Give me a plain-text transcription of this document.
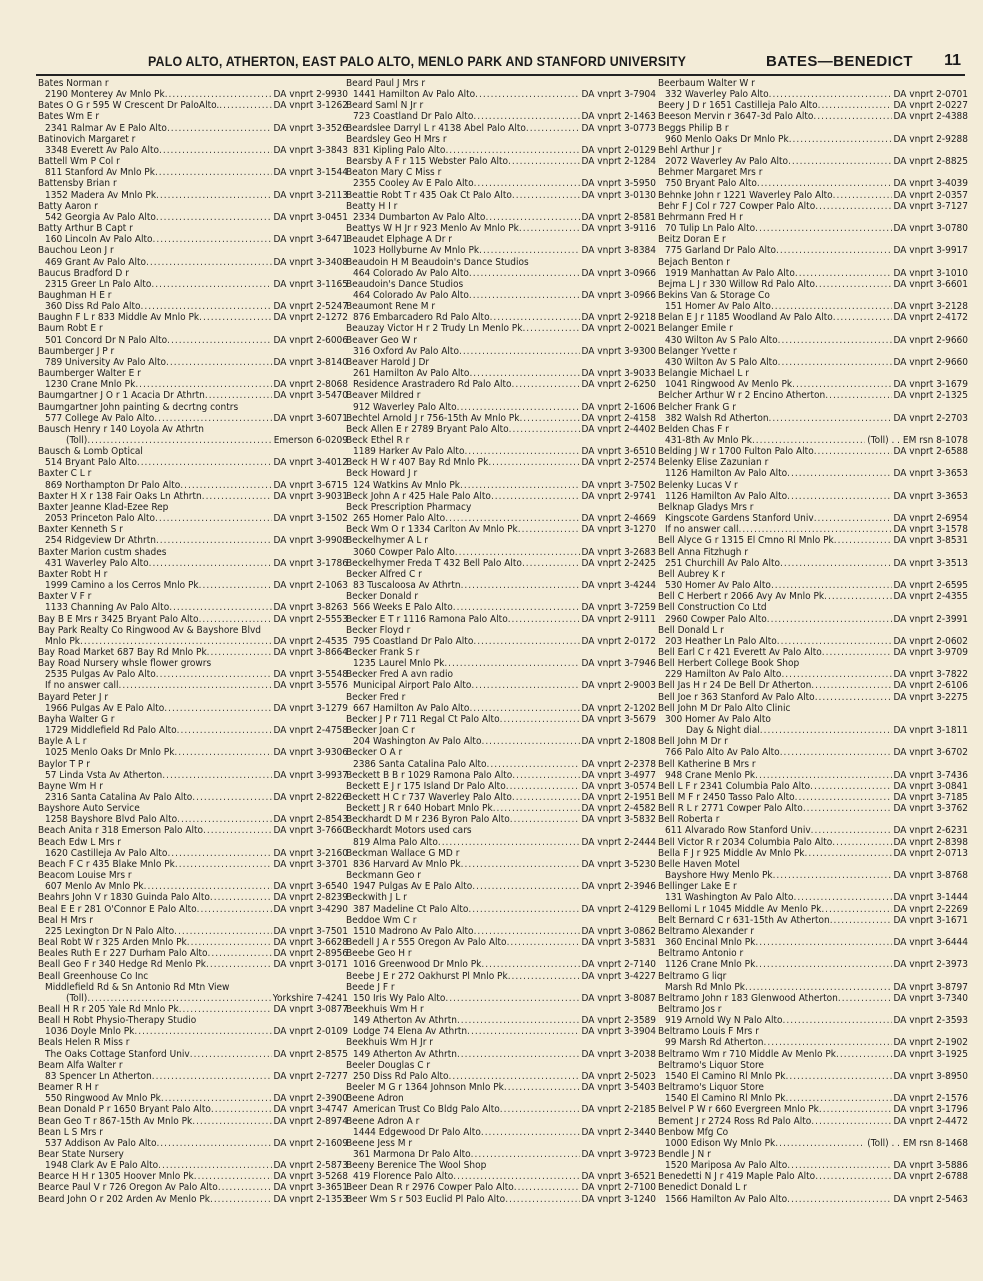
PALO ALTO, ATHERTON, EAST PALO ALTO, MENLO PARK AND STANFORD UNIVERSITY	BATES—BENEDICT 11
Bates Norman r
2190 Monterey Av Mnlo Pk .....	DA vnprt 2-9930
Bates O G r 595 W Crescent Dr PaloAlto. .....	DA vnprt 3-1262
Bates Wm E r
2341 Ralmar Av E Palo Alto .....	DA vnprt 3-3526
Batinovich Margaret r
3348 Everett Av Palo Alto .....	DA vnprt 3-3843
Battell Wm P Col r
811 Stanford Av Mnlo Pk .....	DA vnprt 3-1544
Battensby Brian r
1352 Madera Av Mnlo Pk .....	DA vnprt 3-2113
Batty Aaron r
542 Georgia Av Palo Alto .....	DA vnprt 3-0451
Batty Arthur B Capt r
160 Lincoln Av Palo Alto .....	DA vnprt 3-6471
Bauchou Leon J r
469 Grant Av Palo Alto .....	DA vnprt 3-3408
Baucus Bradford D r
2315 Greer Ln Palo Alto .....	DA vnprt 3-1165
Baughman H E r
360 Diss Rd Palo Alto .....	DA vnprt 2-5247
Baughn F L r 833 Middle Av Mnlo Pk .....	DA vnprt 2-1272
Baum Robt E r
501 Concord Dr N Palo Alto .....	DA vnprt 2-6006
Baumberger J P r
789 University Av Palo Alto .....	DA vnprt 3-8140
Baumberger Walter E r
1230 Crane Mnlo Pk .....	DA vnprt 2-8068
Baumgartner J O r 1 Acacia Dr Athrtn .....	DA vnprt 3-5470
Baumgartner John painting & decrtng contrs
577 College Av Palo Alto .....	DA vnprt 3-6071
Bausch Henry r 140 Loyola Av Athrtn
(Toll) .....	Emerson 6-0209
Bausch & Lomb Optical
514 Bryant Palo Alto .....	DA vnprt 3-4012
Baxter C L r
869 Northampton Dr Palo Alto .....	DA vnprt 3-6715
Baxter H X r 138 Fair Oaks Ln Athrtn .....	DA vnprt 3-9031
Baxter Jeanne Klad-Ezee Rep
2053 Princeton Palo Alto .....	DA vnprt 3-1502
Baxter Kenneth S r
254 Ridgeview Dr Athrtn .....	DA vnprt 3-9908
Baxter Marion custm shades
431 Waverley Palo Alto .....	DA vnprt 3-1786
Baxter Robt H r
1999 Camino a los Cerros Mnlo Pk .....	DA vnprt 2-1063
Baxter V F r
1133 Channing Av Palo Alto .....	DA vnprt 3-8263
Bay B E Mrs r 3425 Bryant Palo Alto .....	DA vnprt 2-5553
Bay Park Realty Co Ringwood Av & Bayshore Blvd
Mnlo Pk .....	DA vnprt 2-4535
Bay Road Market 687 Bay Rd Mnlo Pk .....	DA vnprt 3-8664
Bay Road Nursery whsle flower growrs
2535 Pulgas Av Palo Alto .....	DA vnprt 3-5548
If no answer call .....	DA vnprt 3-5576
Bayard Peter J r
1966 Pulgas Av E Palo Alto .....	DA vnprt 3-1279
Bayha Walter G r
1729 Middlefield Rd Palo Alto .....	DA vnprt 2-4758
Bayle A L r
1025 Menlo Oaks Dr Mnlo Pk .....	DA vnprt 3-9306
Baylor T P r
57 Linda Vsta Av Atherton .....	DA vnprt 3-9937
Bayne Wm H r
2316 Santa Catalina Av Palo Alto .....	DA vnprt 2-8226
Bayshore Auto Service
1258 Bayshore Blvd Palo Alto .....	DA vnprt 2-8543
Beach Anita r 318 Emerson Palo Alto .....	DA vnprt 3-7660
Beach Edw L Mrs r
1620 Castilleja Av Palo Alto .....	DA vnprt 3-2160
Beach F C r 435 Blake Mnlo Pk .....	DA vnprt 3-3701
Beacom Louise Mrs r
607 Menlo Av Mnlo Pk .....	DA vnprt 3-6540
Beahrs John V r 1830 Guinda Palo Alto .....	DA vnprt 2-8239
Beal E E r 281 O'Connor E Palo Alto .....	DA vnprt 3-4290
Beal H Mrs r
225 Lexington Dr N Palo Alto .....	DA vnprt 3-7501
Beal Robt W r 325 Arden Mnlo Pk .....	DA vnprt 3-6628
Beales Ruth E r 227 Durham Palo Alto .....	DA vnprt 2-8956
Beall Geo F r 340 Hedge Rd Menlo Pk .....	DA vnprt 3-0171
Beall Greenhouse Co Inc
Middlefield Rd & Sn Antonio Rd Mtn View
(Toll) .....	Yorkshire 7-4241
Beall H R r 205 Yale Rd Mnlo Pk .....	DA vnprt 3-0877
Beall H Robt Physio-Therapy Studio
1036 Doyle Mnlo Pk .....	DA vnprt 2-0109
Beals Helen R Miss r
The Oaks Cottage Stanford Univ .....	DA vnprt 2-8575
Beam Alfa Walter r
83 Spencer Ln Atherton .....	DA vnprt 2-7277
Beamer R H r
550 Ringwood Av Mnlo Pk .....	DA vnprt 2-3900
Bean Donald P r 1650 Bryant Palo Alto .....	DA vnprt 3-4747
Bean Geo T r 867-15th Av Mnlo Pk .....	DA vnprt 2-8974
Bean L S Mrs r
537 Addison Av Palo Alto .....	DA vnprt 2-1609
Bear State Nursery
1948 Clark Av E Palo Alto .....	DA vnprt 2-5873
Bearce H H r 1305 Hoover Mnlo Pk .....	DA vnprt 3-5268
Bearce Paul V r 726 Oregon Av Palo Alto .....	DA vnprt 3-3651
Beard John O r 202 Arden Av Menlo Pk .....	DA vnprt 2-1353
Beard Paul J Mrs r
1441 Hamilton Av Palo Alto .....	DA vnprt 3-7904
Beard Saml N Jr r
723 Coastland Dr Palo Alto .....	DA vnprt 2-1463
Beardslee Darryl L r 4138 Abel Palo Alto .....	DA vnprt 3-0773
Beardsley Geo H Mrs r
831 Kipling Palo Alto .....	DA vnprt 2-0129
Bearsby A F r 115 Webster Palo Alto .....	DA vnprt 2-1284
Beaton Mary C Miss r
2355 Cooley Av E Palo Alto .....	DA vnprt 3-5950
Beattie Robt T r 435 Oak Ct Palo Alto .....	DA vnprt 3-0130
Beatty H I r
2334 Dumbarton Av Palo Alto .....	DA vnprt 2-8581
Beattys W H Jr r 923 Menlo Av Mnlo Pk .....	DA vnprt 3-9116
Beaudet Elphage A Dr r
1023 Hollyburne Av Mnlo Pk .....	DA vnprt 3-8384
Beaudoin H M Beaudoin's Dance Studios
464 Colorado Av Palo Alto .....	DA vnprt 3-0966
Beaudoin's Dance Studios
464 Colorado Av Palo Alto .....	DA vnprt 3-0966
Beaumont Rene M r
876 Embarcadero Rd Palo Alto .....	DA vnprt 2-9218
Beauzay Victor H r 2 Trudy Ln Menlo Pk .....	DA vnprt 2-0021
Beaver Geo W r
316 Oxford Av Palo Alto .....	DA vnprt 3-9300
Beaver Harold J Dr
261 Hamilton Av Palo Alto .....	DA vnprt 3-9033
Residence Arastradero Rd Palo Alto .....	DA vnprt 2-6250
Beaver Mildred r
912 Waverley Palo Alto .....	DA vnprt 2-1606
Bechtel Arnold J r 756-15th Av Mnlo Pk .....	DA vnprt 2-4158
Beck Allen E r 2789 Bryant Palo Alto .....	DA vnprt 2-4402
Beck Ethel R r
1189 Harker Av Palo Alto .....	DA vnprt 3-6510
Beck H W r 407 Bay Rd Mnlo Pk .....	DA vnprt 2-2574
Beck Howard J r
124 Watkins Av Mnlo Pk .....	DA vnprt 3-7502
Beck John A r 425 Hale Palo Alto .....	DA vnprt 2-9741
Beck Prescription Pharmacy
265 Homer Palo Alto .....	DA vnprt 2-4669
Beck Wm O r 1334 Carlton Av Mnlo Pk .....	DA vnprt 3-1270
Beckelhymer A L r
3060 Cowper Palo Alto .....	DA vnprt 3-2683
Beckelhymer Freda T 432 Bell Palo Alto .....	DA vnprt 2-2425
Becker Alfred C r
83 Tuscaloosa Av Athrtn .....	DA vnprt 3-4244
Becker Donald r
566 Weeks E Palo Alto .....	DA vnprt 3-7259
Becker E T r 1116 Ramona Palo Alto .....	DA vnprt 2-9111
Becker Floyd r
795 Coastland Dr Palo Alto .....	DA vnprt 2-0172
Becker Frank S r
1235 Laurel Mnlo Pk .....	DA vnprt 3-7946
Becker Fred A avn radio
Municipal Airport Palo Alto .....	DA vnprt 2-9003
Becker Fred r
667 Hamilton Av Palo Alto .....	DA vnprt 2-1202
Becker J P r 711 Regal Ct Palo Alto .....	DA vnprt 3-5679
Becker Joan C r
204 Washington Av Palo Alto .....	DA vnprt 2-1808
Becker O A r
2386 Santa Catalina Palo Alto .....	DA vnprt 2-2378
Beckett B B r 1029 Ramona Palo Alto .....	DA vnprt 3-4977
Beckett E J r 175 Island Dr Palo Alto .....	DA vnprt 3-0574
Beckett H C r 737 Waverley Palo Alto .....	DA vnprt 2-1951
Beckett J R r 640 Hobart Mnlo Pk .....	DA vnprt 2-4582
Beckhardt D M r 236 Byron Palo Alto .....	DA vnprt 3-5832
Beckhardt Motors used cars
819 Alma Palo Alto .....	DA vnprt 2-2444
Beckman Wallace G MD r
836 Harvard Av Mnlo Pk .....	DA vnprt 3-5230
Beckmann Geo r
1947 Pulgas Av E Palo Alto .....	DA vnprt 2-3946
Beckwith J L r
387 Madeline Ct Palo Alto .....	DA vnprt 2-4129
Beddoe Wm C r
1510 Madrono Av Palo Alto .....	DA vnprt 3-0862
Bedell J A r 555 Oregon Av Palo Alto .....	DA vnprt 3-5831
Beebe Geo H r
1016 Greenwood Dr Mnlo Pk .....	DA vnprt 2-7140
Beebe J E r 272 Oakhurst Pl Mnlo Pk .....	DA vnprt 3-4227
Beede J F r
150 Iris Wy Palo Alto .....	DA vnprt 3-8087
Beekhuis Wm H r
149 Atherton Av Athrtn .....	DA vnprt 2-3589
Lodge 74 Elena Av Athrtn .....	DA vnprt 3-3904
Beekhuis Wm H Jr r
149 Atherton Av Athrtn .....	DA vnprt 3-2038
Beeler Douglas C r
250 Diss Rd Palo Alto .....	DA vnprt 2-5023
Beeler M G r 1364 Johnson Mnlo Pk .....	DA vnprt 3-5403
Beene Adron
American Trust Co Bldg Palo Alto .....	DA vnprt 2-2185
Beene Adron A r
1444 Edgewood Dr Palo Alto .....	DA vnprt 2-3440
Beene Jess M r
361 Marmona Dr Palo Alto .....	DA vnprt 3-9723
Beeny Berenice The Wool Shop
419 Florence Palo Alto .....	DA vnprt 3-6521
Beer Dean R r 2976 Cowper Palo Alto .....	DA vnprt 2-7100
Beer Wm S r 503 Euclid Pl Palo Alto .....	DA vnprt 3-1240
Beerbaum Walter W r
332 Waverley Palo Alto .....	DA vnprt 2-0701
Beery J D r 1651 Castilleja Palo Alto .....	DA vnprt 2-0227
Beeson Mervin r 3647-3d Palo Alto .....	DA vnprt 2-4388
Beggs Philip B r
960 Menlo Oaks Dr Mnlo Pk .....	DA vnprt 2-9288
Behl Arthur J r
2072 Waverley Av Palo Alto .....	DA vnprt 2-8825
Behmer Margaret Mrs r
750 Bryant Palo Alto .....	DA vnprt 3-4039
Behnke John r 1221 Waverley Palo Alto .....	DA vnprt 2-0357
Behr F J Col r 727 Cowper Palo Alto .....	DA vnprt 3-7127
Behrmann Fred H r
70 Tulip Ln Palo Alto .....	DA vnprt 3-0780
Beitz Doran E r
775 Garland Dr Palo Alto .....	DA vnprt 3-9917
Bejach Benton r
1919 Manhattan Av Palo Alto .....	DA vnprt 3-1010
Bejma L J r 330 Willow Rd Palo Alto .....	DA vnprt 3-6601
Bekins Van & Storage Co
151 Homer Av Palo Alto .....	DA vnprt 3-2128
Belan E J r 1185 Woodland Av Palo Alto .....	DA vnprt 2-4172
Belanger Emile r
430 Wilton Av S Palo Alto .....	DA vnprt 2-9660
Belanger Yvette r
430 Wilton Av S Palo Alto .....	DA vnprt 2-9660
Belangie Michael L r
1041 Ringwood Av Menlo Pk .....	DA vnprt 3-1679
Belcher Arthur W r 2 Encino Atherton .....	DA vnprt 2-1325
Belcher Frank G r
382 Walsh Rd Atherton .....	DA vnprt 2-2703
Belden Chas F r
431-8th Av Mnlo Pk .....	(Toll) . . EM rsn 8-1078
Belding J W r 1700 Fulton Palo Alto .....	DA vnprt 2-6588
Belenky Elise Zazunian r
1126 Hamilton Av Palo Alto .....	DA vnprt 3-3653
Belenky Lucas V r
1126 Hamilton Av Palo Alto .....	DA vnprt 3-3653
Belknap Gladys Mrs r
Kingscote Gardens Stanford Univ .....	DA vnprt 2-6954
If no answer call .....	DA vnprt 3-1578
Bell Alyce G r 1315 El Cmno Rl Mnlo Pk .....	DA vnprt 3-8531
Bell Anna Fitzhugh r
251 Churchill Av Palo Alto .....	DA vnprt 3-3513
Bell Aubrey K r
530 Homer Av Palo Alto .....	DA vnprt 2-6595
Bell C Herbert r 2066 Avy Av Mnlo Pk .....	DA vnprt 2-4355
Bell Construction Co Ltd
2960 Cowper Palo Alto .....	DA vnprt 2-3991
Bell Donald L r
203 Heather Ln Palo Alto .....	DA vnprt 2-0602
Bell Earl C r 421 Everett Av Palo Alto .....	DA vnprt 3-9709
Bell Herbert College Book Shop
229 Hamilton Av Palo Alto .....	DA vnprt 3-7822
Bell Jas H r 24 De Bell Dr Atherton .....	DA vnprt 2-6106
Bell Joe r 363 Stanford Av Palo Alto .....	DA vnprt 3-2275
Bell John M Dr Palo Alto Clinic
300 Homer Av Palo Alto
Day & Night dial .....	DA vnprt 3-1811
Bell John M Dr r
766 Palo Alto Av Palo Alto .....	DA vnprt 3-6702
Bell Katherine B Mrs r
948 Crane Menlo Pk .....	DA vnprt 3-7436
Bell L F r 2341 Columbia Palo Alto .....	DA vnprt 3-0841
Bell M F r 2450 Tasso Palo Alto .....	DA vnprt 3-7185
Bell R L r 2771 Cowper Palo Alto .....	DA vnprt 3-3762
Bell Roberta r
611 Alvarado Row Stanford Univ .....	DA vnprt 2-6231
Bell Victor R r 2034 Columbia Palo Alto .....	DA vnprt 2-8398
Bella F J r 925 Middle Av Mnlo Pk .....	DA vnprt 2-0713
Belle Haven Motel
Bayshore Hwy Menlo Pk .....	DA vnprt 3-8768
Bellinger Lake E r
131 Washington Av Palo Alto .....	DA vnprt 3-1444
Bellomi L r 1045 Middle Av Menlo Pk .....	DA vnprt 2-2269
Belt Bernard C r 631-15th Av Atherton .....	DA vnprt 3-1671
Beltramo Alexander r
360 Encinal Mnlo Pk .....	DA vnprt 3-6444
Beltramo Antonio r
1126 Crane Mnlo Pk .....	DA vnprt 2-3973
Beltramo G liqr
Marsh Rd Mnlo Pk .....	DA vnprt 3-8797
Beltramo John r 183 Glenwood Atherton .....	DA vnprt 3-7340
Beltramo Jos r
919 Arnold Wy N Palo Alto .....	DA vnprt 2-3593
Beltramo Louis F Mrs r
99 Marsh Rd Atherton .....	DA vnprt 2-1902
Beltramo Wm r 710 Middle Av Menlo Pk .....	DA vnprt 3-1925
Beltramo's Liquor Store
1540 El Camino Rl Mnlo Pk .....	DA vnprt 3-8950
Beltramo's Liquor Store
1540 El Camino Rl Mnlo Pk .....	DA vnprt 2-1576
Belvel P W r 660 Evergreen Mnlo Pk .....	DA vnprt 3-1796
Bement J r 2724 Ross Rd Palo Alto .....	DA vnprt 2-4472
Benbow Mfg Co
1000 Edison Wy Mnlo Pk .....	(Toll) . . EM rsn 8-1468
Bendle J N r
1520 Mariposa Av Palo Alto .....	DA vnprt 3-5886
Benedetti N J r 419 Maple Palo Alto .....	DA vnprt 2-6788
Benedict Donald L r
1566 Hamilton Av Palo Alto .....	DA vnprt 2-5463
